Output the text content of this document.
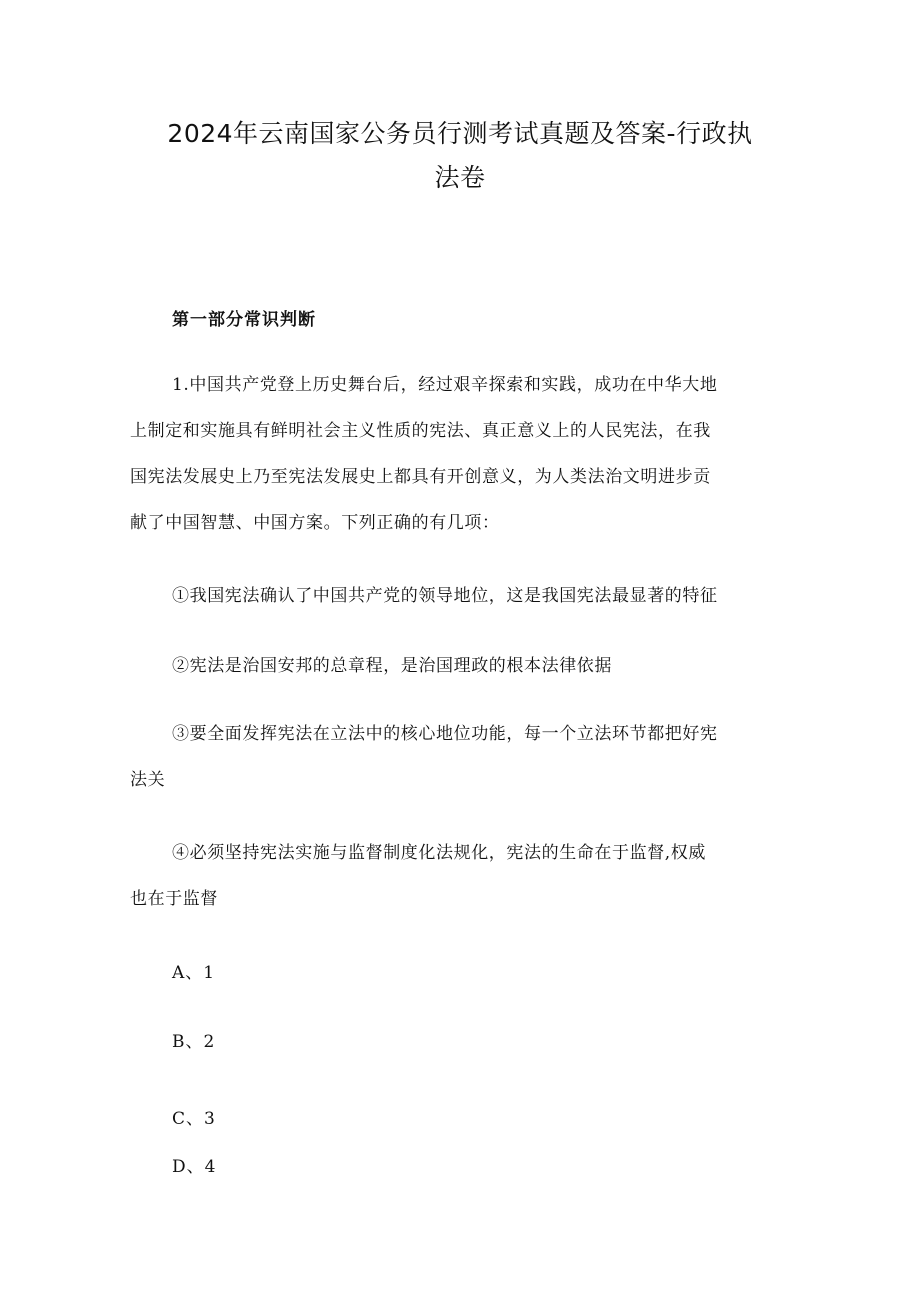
2024年云南国家公务员行测考试真题及答案-行政执
法卷
第一部分常识判断
1.中国共产党登上历史舞台后，经过艰辛探索和实践，成功在中华大地
上制定和实施具有鲜明社会主义性质的宪法、真正意义上的人民宪法，在我
国宪法发展史上乃至宪法发展史上都具有开创意义，为人类法治文明进步贡
献了中国智慧、中国方案。下列正确的有几项：
①我国宪法确认了中国共产党的领导地位，这是我国宪法最显著的特征
②宪法是治国安邦的总章程，是治国理政的根本法律依据
③要全面发挥宪法在立法中的核心地位功能，每一个立法环节都把好宪
法关
④必须坚持宪法实施与监督制度化法规化，宪法的生命在于监督,权威
也在于监督
A、1
B、2
C、3
D、4
